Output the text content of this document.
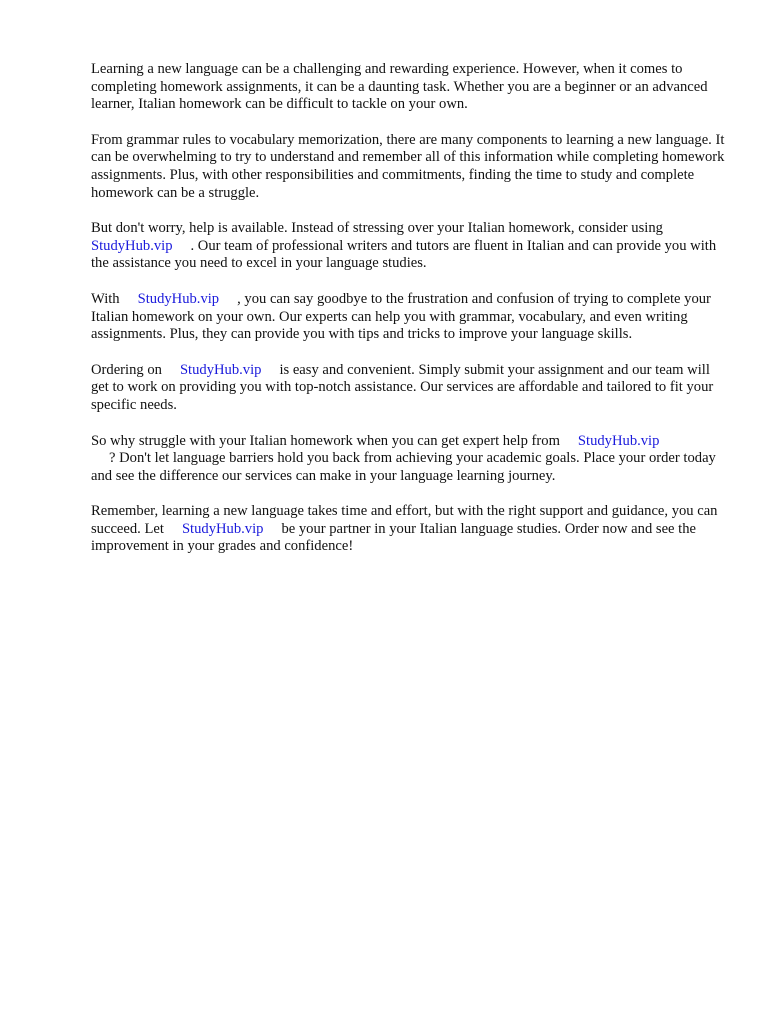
Learning a new language can be a challenging and rewarding experience. However, when it comes to completing homework assignments, it can be a daunting task. Whether you are a beginner or an advanced learner, Italian homework can be difficult to tackle on your own.

From grammar rules to vocabulary memorization, there are many components to learning a new language. It can be overwhelming to try to understand and remember all of this information while completing homework assignments. Plus, with other responsibilities and commitments, finding the time to study and complete homework can be a struggle.

But don't worry, help is available. Instead of stressing over your Italian homework, consider using
StudyHub.vip . Our team of professional writers and tutors are fluent in Italian and can provide you with the assistance you need to excel in your language studies.

With StudyHub.vip , you can say goodbye to the frustration and confusion of trying to complete your Italian homework on your own. Our experts can help you with grammar, vocabulary, and even writing assignments. Plus, they can provide you with tips and tricks to improve your language skills.

Ordering on StudyHub.vip is easy and convenient. Simply submit your assignment and our team will get to work on providing you with top-notch assistance. Our services are affordable and tailored to fit your specific needs.

So why struggle with your Italian homework when you can get expert help from StudyHub.vip
? Don't let language barriers hold you back from achieving your academic goals. Place your order today and see the difference our services can make in your language learning journey.

Remember, learning a new language takes time and effort, but with the right support and guidance, you can succeed. Let StudyHub.vip be your partner in your Italian language studies. Order now and see the improvement in your grades and confidence!
